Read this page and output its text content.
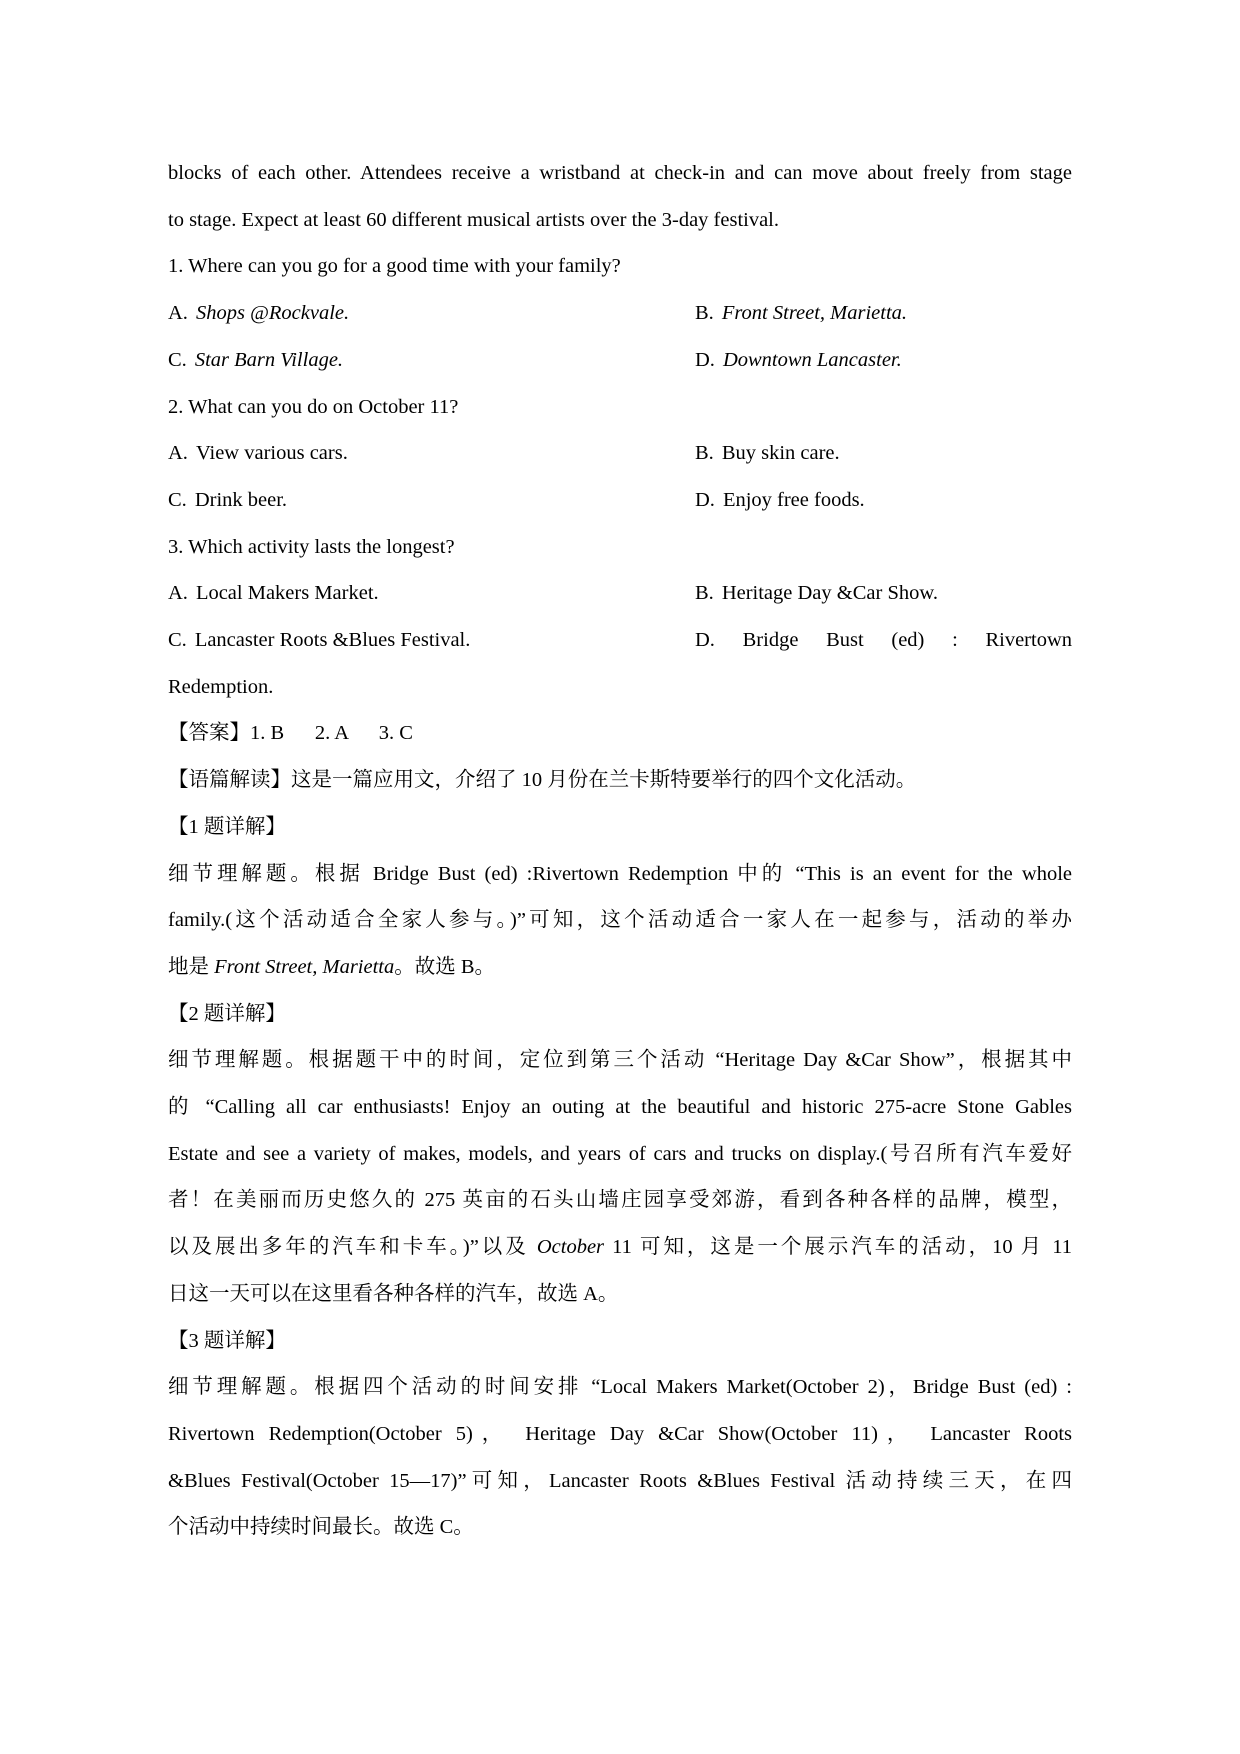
blocks of each other. Attendees receive a wristband at check-in and can move about freely from stage
to stage. Expect at least 60 different musical artists over the 3-day festival.
1. Where can you go for a good time with your family?
A. Shops @Rockvale.	B. Front Street, Marietta.
C. Star Barn Village.	D. Downtown Lancaster.
2. What can you do on October 11?
A. View various cars.	B. Buy skin care.
C. Drink beer.	D. Enjoy free foods.
3. Which activity lasts the longest?
A. Local Makers Market.	B. Heritage Day &Car Show.
C. Lancaster Roots &Blues Festival.	D. Bridge Bust (ed) : Rivertown
Redemption.
【答案】1. B      2. A      3. C
【语篇解读】这是一篇应用文，介绍了 10 月份在兰卡斯特要举行的四个文化活动。
【1 题详解】
细节理解题。根据 Bridge Bust (ed) :Rivertown Redemption 中的 “This is an event for the whole
family.(这个活动适合全家人参与。)”可知，这个活动适合一家人在一起参与，活动的举办
地是 Front Street, Marietta。故选 B。
【2 题详解】
细节理解题。根据题干中的时间，定位到第三个活动 “Heritage Day &Car Show”，根据其中
的 “Calling all car enthusiasts! Enjoy an outing at the beautiful and historic 275-acre Stone Gables
Estate and see a variety of makes, models, and years of cars and trucks on display.(号召所有汽车爱好
者！在美丽而历史悠久的 275 英亩的石头山墙庄园享受郊游，看到各种各样的品牌，模型，
以及展出多年的汽车和卡车。)”以及 October 11 可知，这是一个展示汽车的活动，10 月 11
日这一天可以在这里看各种各样的汽车，故选 A。
【3 题详解】
细节理解题。根据四个活动的时间安排 “Local Makers Market(October 2)，Bridge Bust (ed) :
Rivertown Redemption(October 5)， Heritage Day &Car Show(October 11)， Lancaster Roots
&Blues Festival(October 15—17)”可知，Lancaster Roots &Blues Festival 活动持续三天，在四
个活动中持续时间最长。故选 C。
